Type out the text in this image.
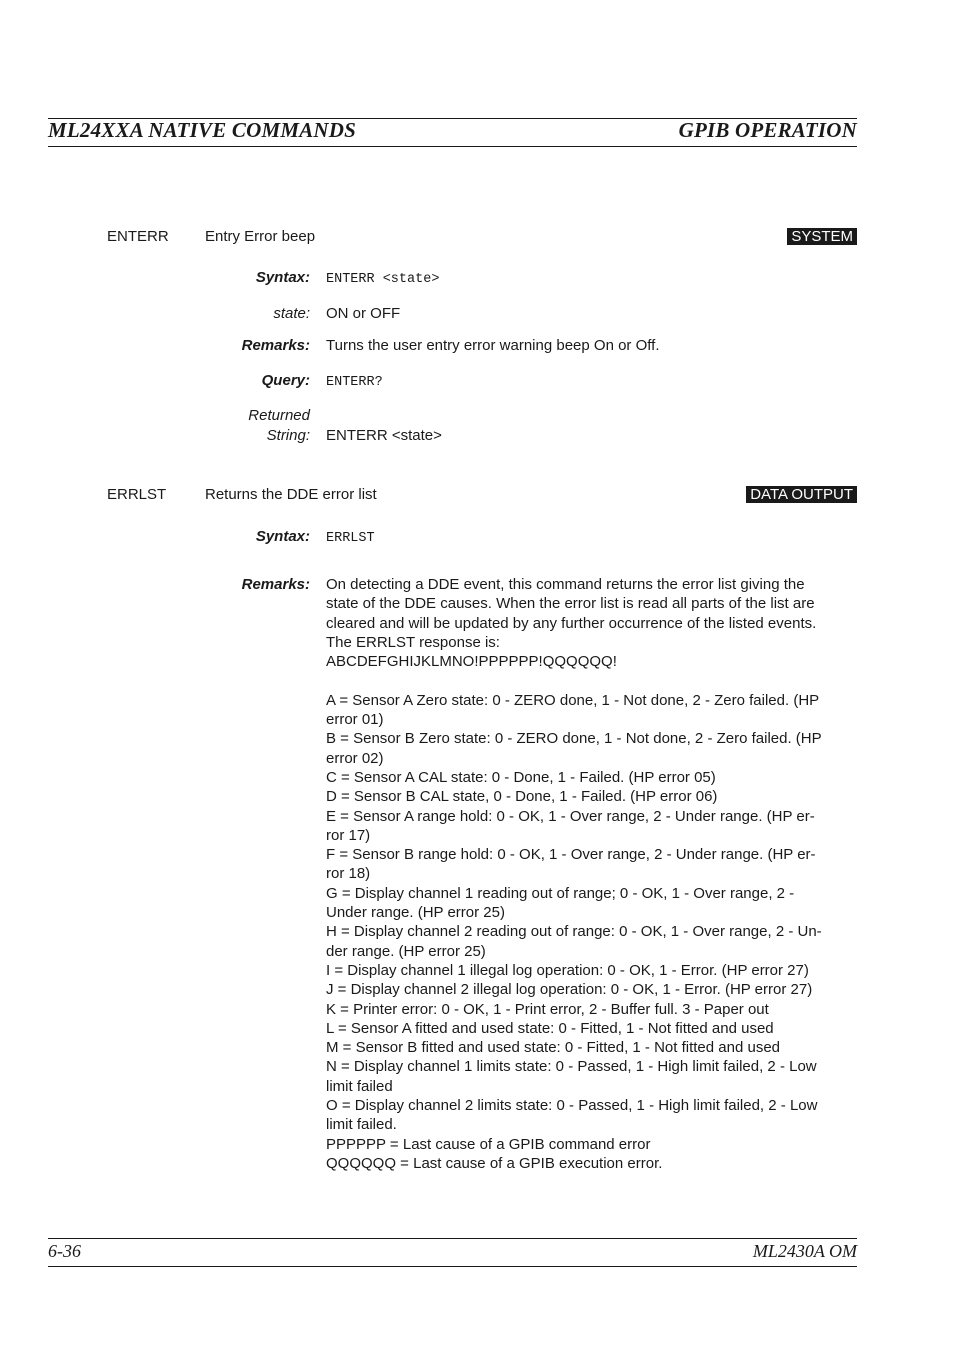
ML24XXA NATIVE COMMANDS	GPIB OPERATION
ENTERR Entry Error beep	SYSTEM
Syntax: ENTERR <state>
state: ON or OFF
Remarks: Turns the user entry error warning beep On or Off.
Query: ENTERR?
Returned
String: ENTERR <state>
ERRLST	Returns the DDE error list	DATA OUTPUT
Syntax: ERRLST
Remarks: On detecting a DDE event, this command returns the error list giving the

state of the DDE causes. When the error list is read all parts of the list are

cleared and will be updated by any further occurrence of the listed events.

The ERRLST response is:

ABCDEFGHIJKLMNO!PPPPPP!QQQQQQ!

A = Sensor A Zero state: 0 - ZERO done, 1 - Not done, 2 - Zero failed. (HP

error 01)

B = Sensor B Zero state: 0 - ZERO done, 1 - Not done, 2 - Zero failed. (HP

error 02)

C = Sensor A CAL state: 0 - Done, 1 - Failed. (HP error 05)

D = Sensor B CAL state, 0 - Done, 1 - Failed. (HP error 06)

E = Sensor A range hold: 0 - OK, 1 - Over range, 2 - Under range. (HP er-

ror 17)

F = Sensor B range hold: 0 - OK, 1 - Over range, 2 - Under range. (HP er-

ror 18)

G = Display channel 1 reading out of range; 0 - OK, 1 - Over range, 2 -

Under range. (HP error 25)

H = Display channel 2 reading out of range: 0 - OK, 1 - Over range, 2 - Un-

der range. (HP error 25)

I = Display channel 1 illegal log operation: 0 - OK, 1 - Error. (HP error 27)

J = Display channel 2 illegal log operation: 0 - OK, 1 - Error. (HP error 27)

K = Printer error: 0 - OK, 1 - Print error, 2 - Buffer full. 3 - Paper out

L = Sensor A fitted and used state: 0 - Fitted, 1 - Not fitted and used

M = Sensor B fitted and used state: 0 - Fitted, 1 - Not fitted and used

N = Display channel 1 limits state: 0 - Passed, 1 - High limit failed, 2 - Low

limit failed

O = Display channel 2 limits state: 0 - Passed, 1 - High limit failed, 2 - Low

limit failed.

PPPPPP = Last cause of a GPIB command error

QQQQQQ = Last cause of a GPIB execution error.

6-36	ML2430A OM
